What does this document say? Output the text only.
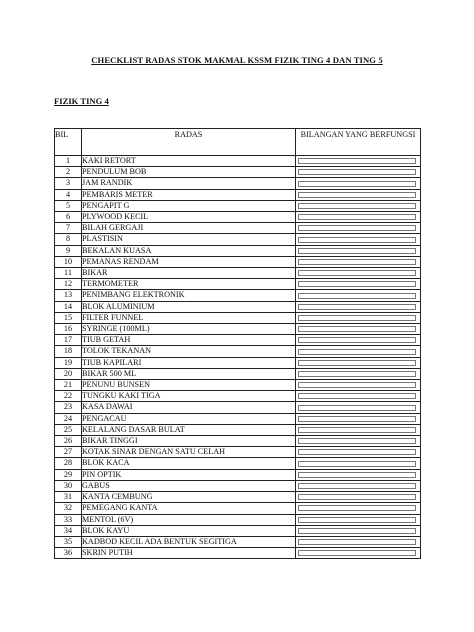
CHECKLIST RADAS STOK MAKMAL KSSM FIZIK TING 4 DAN TING 5
FIZIK TING 4
BIL	RADAS	BILANGAN YANG BERFUNGSI
1	KAKI RETORT	

2	PENDULUM BOB	

3	JAM RANDIK	

4	PEMBARIS METER	

5	PENGAPIT G	

6	PLYWOOD KECIL	

7	BILAH GERGAJI	

8	PLASTISIN	

9	BEKALAN KUASA	

10	PEMANAS RENDAM	

11	BIKAR	

12	TERMOMETER	

13	PENIMBANG ELEKTRONIK	

14	BLOK ALUMINIUM	

15	FILTER FUNNEL	

16	SYRINGE (100ML)	

17	TIUB GETAH	

18	TOLOK TEKANAN	

19	TIUB KAPILARI	

20	BIKAR 500 ML	

21	PENUNU BUNSEN	

22	TUNGKU KAKI TIGA	

23	KASA DAWAI	

24	PENGACAU	

25	KELALANG DASAR BULAT	

26	BIKAR TINGGI	

27	KOTAK SINAR DENGAN SATU CELAH	

28	BLOK KACA	

29	PIN OPTIK	

30	GABUS	

31	KANTA CEMBUNG	

32	PEMEGANG KANTA	

33	MENTOL (6V)	

34	BLOK KAYU	

35	KADBOD KECIL ADA BENTUK SEGITIGA	

36	SKRIN PUTIH	
